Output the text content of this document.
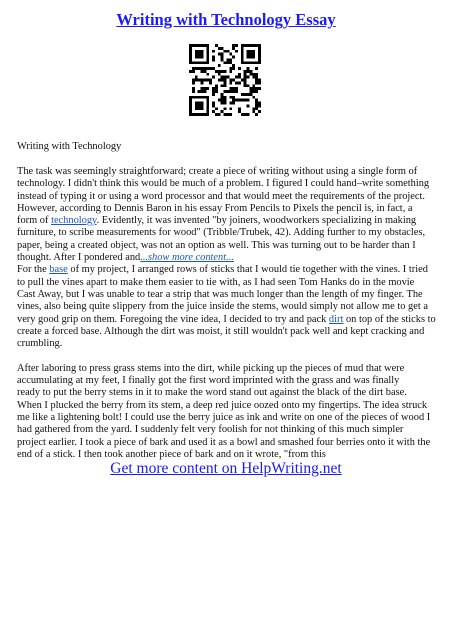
Writing with Technology Essay
Writing with Technology

The task was seemingly straightforward; create a piece of writing without using a single form of

technology. I didn't think this would be much of a problem. I figured I could hand–write something

instead of typing it or using a word processor and that would meet the requirements of the project.

However, according to Dennis Baron in his essay From Pencils to Pixels the pencil is, in fact, a

form of technology. Evidently, it was invented "by joiners, woodworkers specializing in making

furniture, to scribe measurements for wood" (Tribble/Trubek, 42). Adding further to my obstacles,

paper, being a created object, was not an option as well. This was turning out to be harder than I

thought. After I pondered and...show more content...

For the base of my project, I arranged rows of sticks that I would tie together with the vines. I tried

to pull the vines apart to make them easier to tie with, as I had seen Tom Hanks do in the movie

Cast Away, but I was unable to tear a strip that was much longer than the length of my finger. The

vines, also being quite slippery from the juice inside the stems, would simply not allow me to get a

very good grip on them. Foregoing the vine idea, I decided to try and pack dirt on top of the sticks to

create a forced base. Although the dirt was moist, it still wouldn't pack well and kept cracking and

crumbling.

After laboring to press grass stems into the dirt, while picking up the pieces of mud that were

accumulating at my feet, I finally got the first word imprinted with the grass and was finally

ready to put the berry stems in it to make the word stand out against the black of the dirt base.

When I plucked the berry from its stem, a deep red juice oozed onto my fingertips. The idea struck

me like a lightening bolt! I could use the berry juice as ink and write on one of the pieces of wood I

had gathered from the yard. I suddenly felt very foolish for not thinking of this much simpler

project earlier. I took a piece of bark and used it as a bowl and smashed four berries onto it with the

end of a stick. I then took another piece of bark and on it wrote, "from this

Get more content on HelpWriting.net
